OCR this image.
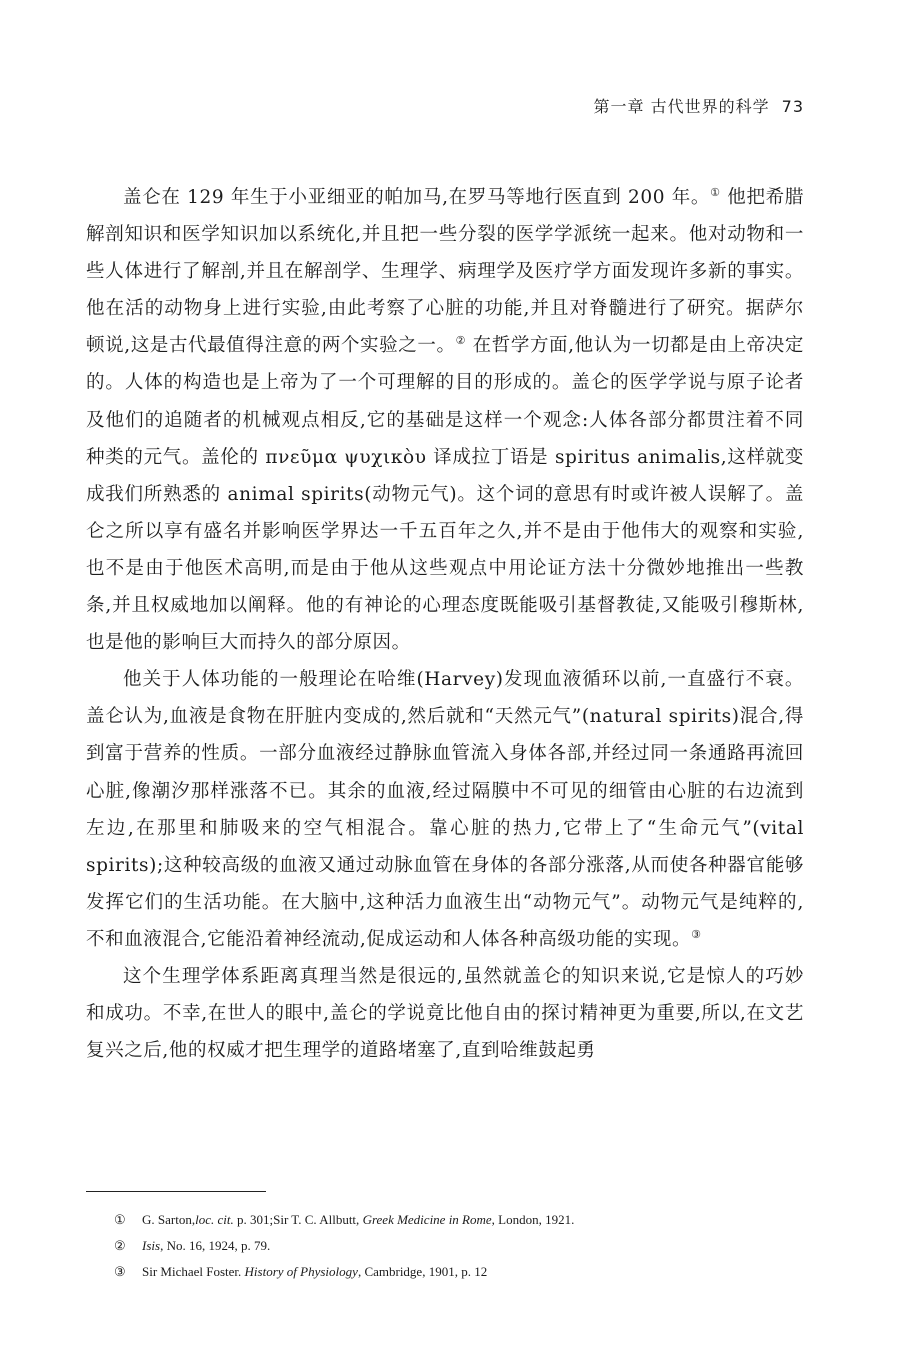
第一章 古代世界的科学 73

盖仑在 129 年生于小亚细亚的帕加马,在罗马等地行医直到 200 年。① 他把希腊解剖知识和医学知识加以系统化,并且把一些分裂的医学学派统一起来。他对动物和一些人体进行了解剖,并且在解剖学、生理学、病理学及医疗学方面发现许多新的事实。他在活的动物身上进行实验,由此考察了心脏的功能,并且对脊髓进行了研究。据萨尔顿说,这是古代最值得注意的两个实验之一。② 在哲学方面,他认为一切都是由上帝决定的。人体的构造也是上帝为了一个可理解的目的形成的。盖仑的医学学说与原子论者及他们的追随者的机械观点相反,它的基础是这样一个观念:人体各部分都贯注着不同种类的元气。盖伦的 πνεῦμα ψυχικὸυ 译成拉丁语是 spiritus animalis,这样就变成我们所熟悉的 animal spirits(动物元气)。这个词的意思有时或许被人误解了。盖仑之所以享有盛名并影响医学界达一千五百年之久,并不是由于他伟大的观察和实验,也不是由于他医术高明,而是由于他从这些观点中用论证方法十分微妙地推出一些教条,并且权威地加以阐释。他的有神论的心理态度既能吸引基督教徒,又能吸引穆斯林,也是他的影响巨大而持久的部分原因。

他关于人体功能的一般理论在哈维(Harvey)发现血液循环以前,一直盛行不衰。盖仑认为,血液是食物在肝脏内变成的,然后就和“天然元气”(natural spirits)混合,得到富于营养的性质。一部分血液经过静脉血管流入身体各部,并经过同一条通路再流回心脏,像潮汐那样涨落不已。其余的血液,经过隔膜中不可见的细管由心脏的右边流到左边,在那里和肺吸来的空气相混合。靠心脏的热力,它带上了“生命元气”(vital spirits);这种较高级的血液又通过动脉血管在身体的各部分涨落,从而使各种器官能够发挥它们的生活功能。在大脑中,这种活力血液生出“动物元气”。动物元气是纯粹的,不和血液混合,它能沿着神经流动,促成运动和人体各种高级功能的实现。③

这个生理学体系距离真理当然是很远的,虽然就盖仑的知识来说,它是惊人的巧妙和成功。不幸,在世人的眼中,盖仑的学说竟比他自由的探讨精神更为重要,所以,在文艺复兴之后,他的权威才把生理学的道路堵塞了,直到哈维鼓起勇

① G. Sarton,loc. cit. p. 301;Sir T. C. Allbutt, Greek Medicine in Rome, London, 1921.
② Isis, No. 16, 1924, p. 79.
③ Sir Michael Foster. History of Physiology, Cambridge, 1901, p. 12
